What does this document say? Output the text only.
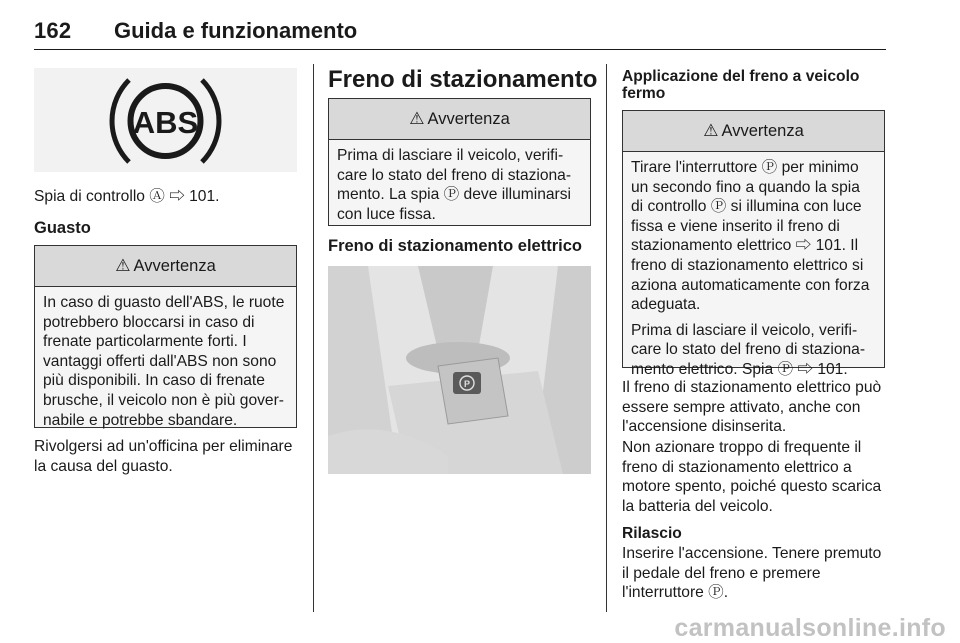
162 Guida e funzionamento
ABS
Spia di controllo Ⓐ ⇨ 101.
Guasto
⚠ Avvertenza
In caso di guasto dell'ABS, le ruote potrebbero bloccarsi in caso di frenate particolarmente forti. I vantaggi offerti dall'ABS non sono più disponibili. In caso di frenate brusche, il veicolo non è più gover-nabile e potrebbe sbandare.
Rivolgersi ad un'officina per eliminare la causa del guasto.
Freno di stazionamento
⚠ Avvertenza
Prima di lasciare il veicolo, verifi-care lo stato del freno di staziona-mento. La spia Ⓟ deve illuminarsi con luce fissa.
Freno di stazionamento elettrico
P
Applicazione del freno a veicolo fermo
⚠ Avvertenza

Tirare l'interruttore Ⓟ per minimo un secondo fino a quando la spia di controllo Ⓟ si illumina con luce fissa e viene inserito il freno di stazionamento elettrico ⇨ 101. Il freno di stazionamento elettrico si aziona automaticamente con forza adeguata.

Prima di lasciare il veicolo, verifi-care lo stato del freno di staziona-mento elettrico. Spia Ⓟ ⇨ 101.

Il freno di stazionamento elettrico può essere sempre attivato, anche con l'accensione disinserita.
Non azionare troppo di frequente il freno di stazionamento elettrico a motore spento, poiché questo scarica la batteria del veicolo.
Rilascio
Inserire l'accensione. Tenere premuto il pedale del freno e premere l'interruttore Ⓟ.
carmanualsonline.info
